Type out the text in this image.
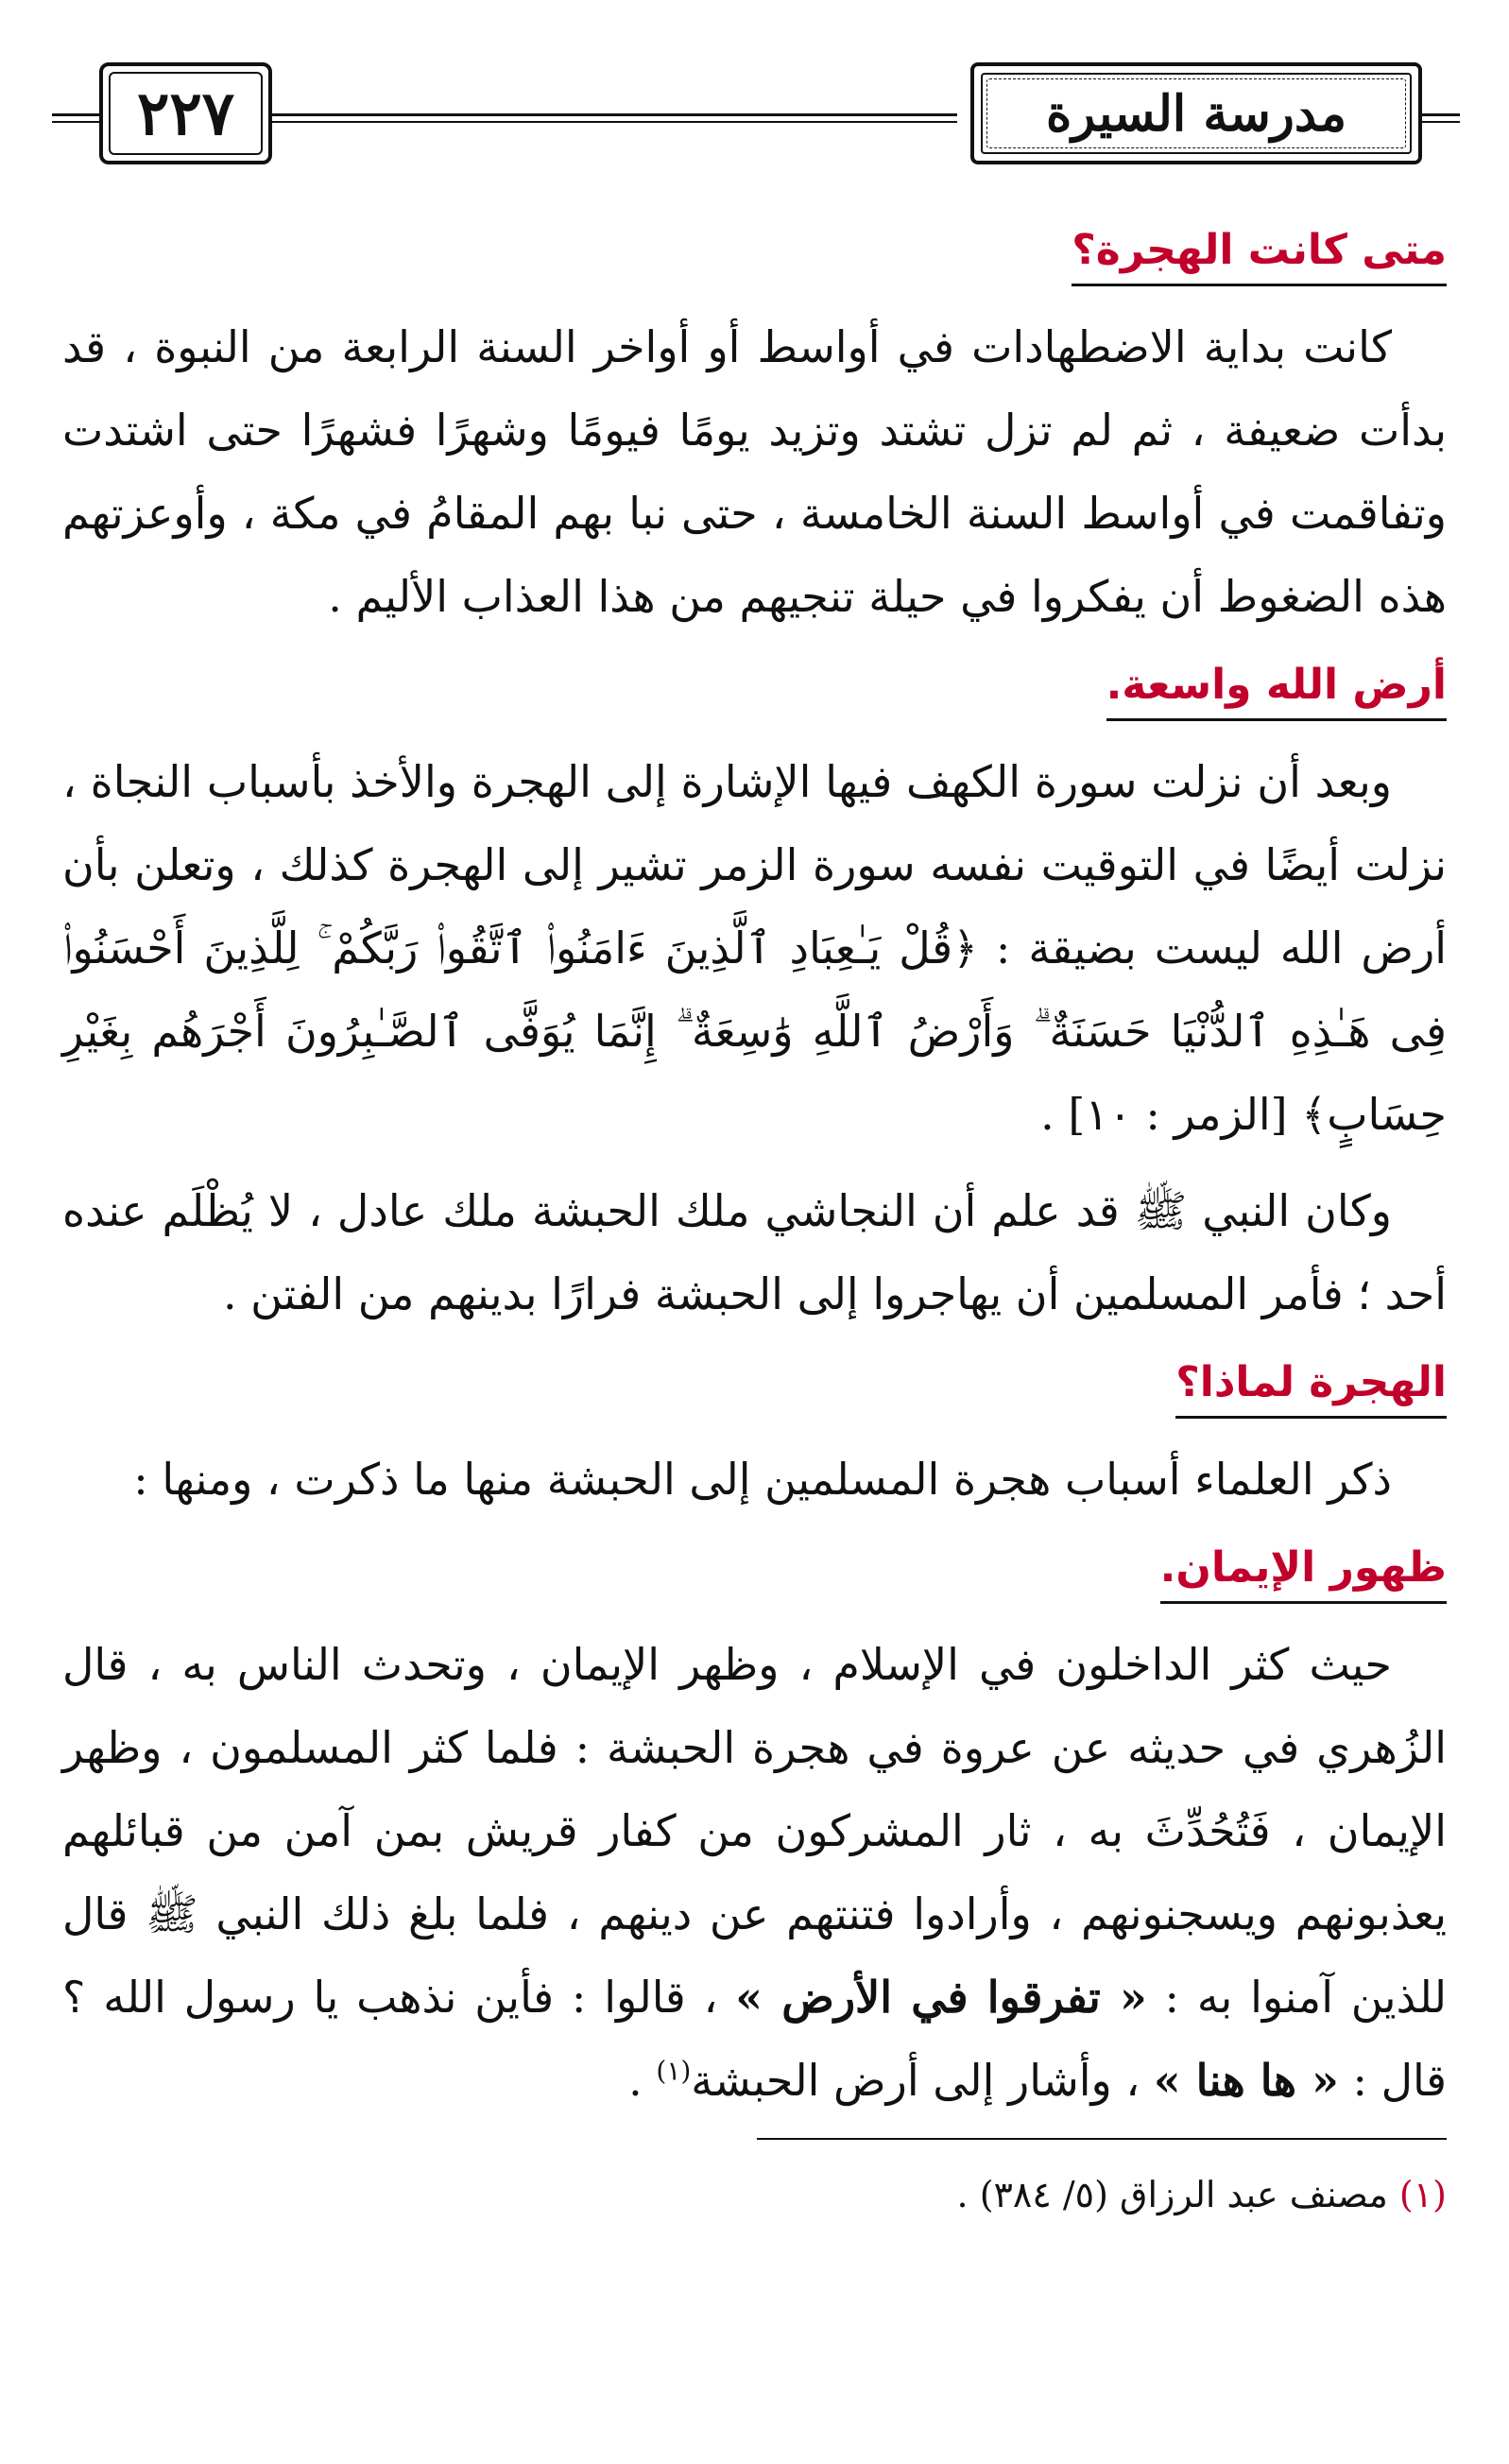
٢٢٧	مدرسة السيرة
متى كانت الهجرة؟

كانت بداية الاضطهادات في أواسط أو أواخر السنة الرابعة من النبوة ، قد بدأت ضعيفة ، ثم لم تزل تشتد وتزيد يومًا فيومًا وشهرًا فشهرًا حتى اشتدت وتفاقمت في أواسط السنة الخامسة ، حتى نبا بهم المقامُ في مكة ، وأوعزتهم هذه الضغوط أن يفكروا في حيلة تنجيهم من هذا العذاب الأليم .

أرض الله واسعة.

وبعد أن نزلت سورة الكهف فيها الإشارة إلى الهجرة والأخذ بأسباب النجاة ، نزلت أيضًا في التوقيت نفسه سورة الزمر تشير إلى الهجرة كذلك ، وتعلن بأن أرض الله ليست بضيقة : ﴿قُلْ يَـٰعِبَادِ ٱلَّذِينَ ءَامَنُوا۟ ٱتَّقُوا۟ رَبَّكُمْ ۚ لِلَّذِينَ أَحْسَنُوا۟ فِى هَـٰذِهِ ٱلدُّنْيَا حَسَنَةٌ ۗ وَأَرْضُ ٱللَّهِ وَٰسِعَةٌ ۗ إِنَّمَا يُوَفَّى ٱلصَّـٰبِرُونَ أَجْرَهُم بِغَيْرِ حِسَابٍ﴾ [الزمر : ١٠] .

وكان النبي ﷺ قد علم أن النجاشي ملك الحبشة ملك عادل ، لا يُظْلَم عنده أحد ؛ فأمر المسلمين أن يهاجروا إلى الحبشة فرارًا بدينهم من الفتن .

الهجرة لماذا؟

ذكر العلماء أسباب هجرة المسلمين إلى الحبشة منها ما ذكرت ، ومنها :

ظهور الإيمان.

حيث كثر الداخلون في الإسلام ، وظهر الإيمان ، وتحدث الناس به ، قال الزُهري في حديثه عن عروة في هجرة الحبشة : فلما كثر المسلمون ، وظهر الإيمان ، فَتُحُدِّثَ به ، ثار المشركون من كفار قريش بمن آمن من قبائلهم يعذبونهم ويسجنونهم ، وأرادوا فتنتهم عن دينهم ، فلما بلغ ذلك النبي ﷺ قال للذين آمنوا به : « تفرقوا في الأرض » ، قالوا : فأين نذهب يا رسول الله ؟ قال : « ها هنا » ، وأشار إلى أرض الحبشة$^{(١)}$ .

(١) مصنف عبد الرزاق (٥/ ٣٨٤) .
